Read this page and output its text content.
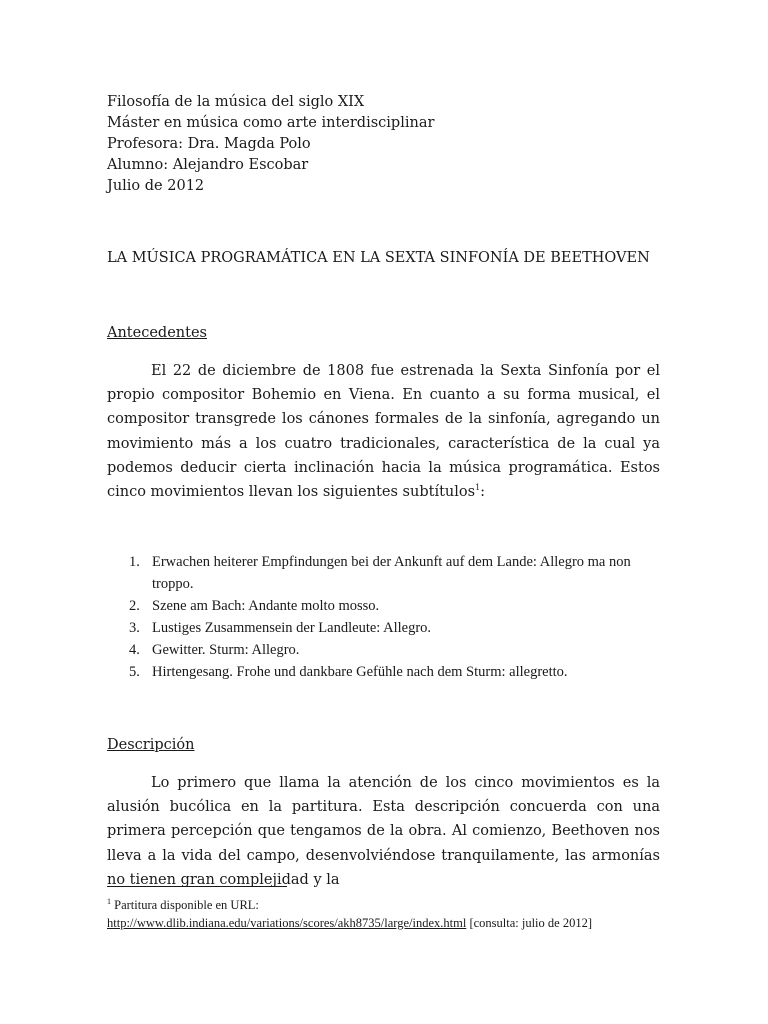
Filosofía de la música del siglo XIX
Máster en música como arte interdisciplinar
Profesora: Dra. Magda Polo
Alumno: Alejandro Escobar
Julio de 2012
LA MÚSICA PROGRAMÁTICA EN LA SEXTA SINFONÍA DE BEETHOVEN
Antecedentes

El 22 de diciembre de 1808 fue estrenada la Sexta Sinfonía por el propio compositor Bohemio en Viena. En cuanto a su forma musical, el compositor transgrede los cánones formales de la sinfonía, agregando un movimiento más a los cuatro tradicionales, característica de la cual ya podemos deducir cierta inclinación hacia la música programática. Estos cinco movimientos llevan los siguientes subtítulos$^1$:

1. Erwachen heiterer Empfindungen bei der Ankunft auf dem Lande: Allegro ma non troppo.
2. Szene am Bach: Andante molto mosso.
3. Lustiges Zusammensein der Landleute: Allegro.
4. Gewitter. Sturm: Allegro.
5. Hirtengesang. Frohe und dankbare Gefühle nach dem Sturm: allegretto.
Descripción

Lo primero que llama la atención de los cinco movimientos es la alusión bucólica en la partitura. Esta descripción concuerda con una primera percepción que tengamos de la obra. Al comienzo, Beethoven nos lleva a la vida del campo, desenvolviéndose tranquilamente, las armonías no tienen gran complejidad y la

$^1$ Partitura disponible en URL:
http://www.dlib.indiana.edu/variations/scores/akh8735/large/index.html [consulta: julio de 2012]
